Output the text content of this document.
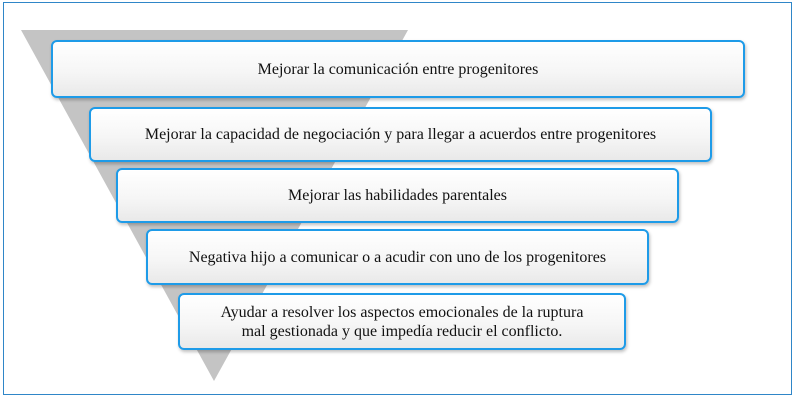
Mejorar la comunicación entre progenitores
Mejorar la capacidad de negociación y para llegar a acuerdos entre progenitores
Mejorar las habilidades parentales
Negativa hijo a comunicar o a acudir con uno de los progenitores
Ayudar a resolver los aspectos emocionales de la ruptura
mal gestionada y que impedía reducir el conflicto.
